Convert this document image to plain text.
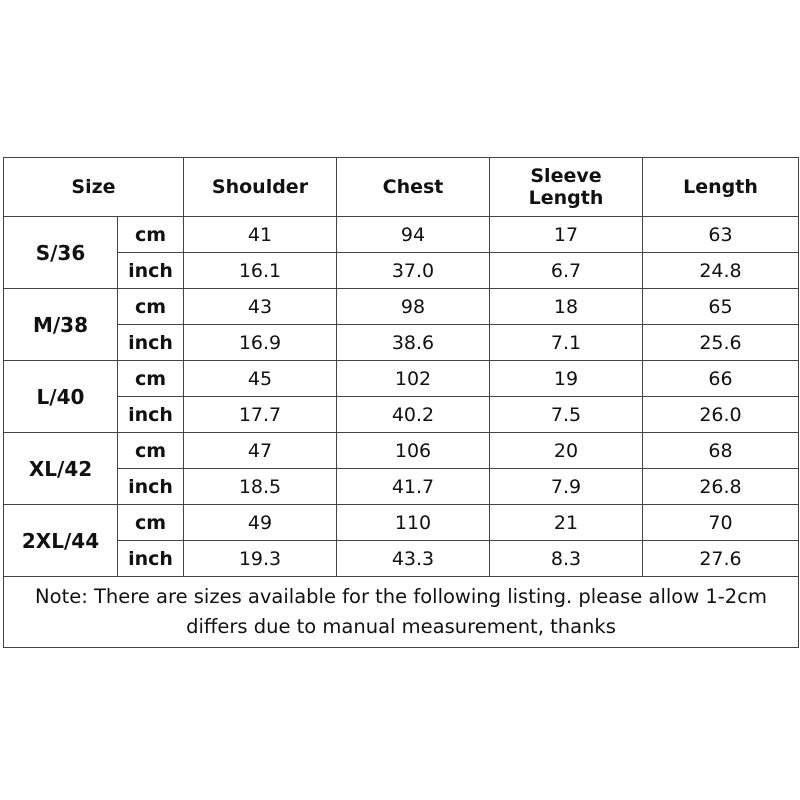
Size		Shoulder	Chest	Sleeve Length	Length
S/36	cm	41	94	17	63
	inch	16.1	37.0	6.7	24.8
M/38	cm	43	98	18	65
	inch	16.9	38.6	7.1	25.6
L/40	cm	45	102	19	66
	inch	17.7	40.2	7.5	26.0
XL/42	cm	47	106	20	68
	inch	18.5	41.7	7.9	26.8
2XL/44	cm	49	110	21	70
	inch	19.3	43.3	8.3	27.6
Note: There are sizes available for the following listing. please allow 1-2cm differs due to manual measurement, thanks					
